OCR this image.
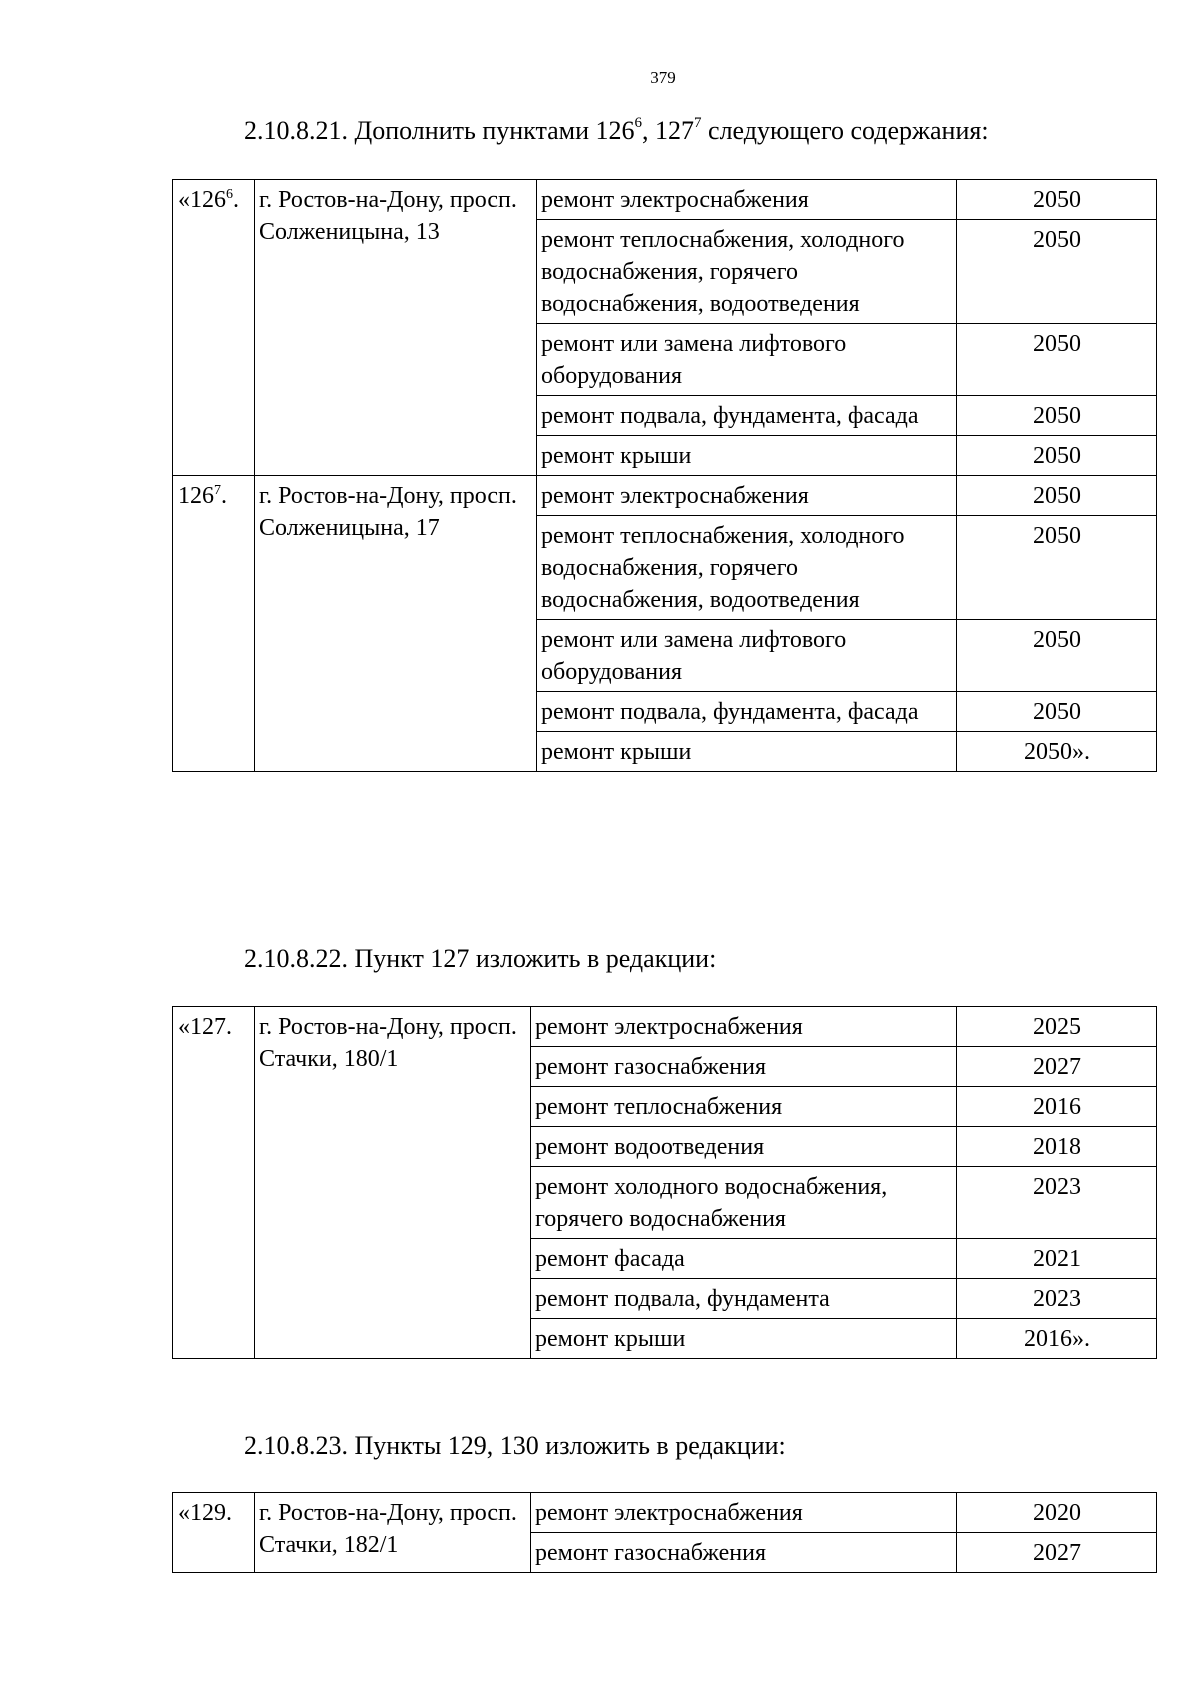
379
2.10.8.21. Дополнить пунктами $126^6$, $127^7$ следующего содержания:
«$126^6$.	г. Ростов-на-Дону, просп. Солженицына, 13	ремонт электроснабжения	2050
		ремонт теплоснабжения, холодного водоснабжения, горячего водоснабжения, водоотведения	2050
		ремонт или замена лифтового оборудования	2050
		ремонт подвала, фундамента, фасада	2050
		ремонт крыши	2050
$126^7$.	г. Ростов-на-Дону, просп. Солженицына, 17	ремонт электроснабжения	2050
		ремонт теплоснабжения, холодного водоснабжения, горячего водоснабжения, водоотведения	2050
		ремонт или замена лифтового оборудования	2050
		ремонт подвала, фундамента, фасада	2050
		ремонт крыши	2050».
2.10.8.22. Пункт 127 изложить в редакции:
«127.	г. Ростов-на-Дону, просп. Стачки, 180/1	ремонт электроснабжения	2025
		ремонт газоснабжения	2027
		ремонт теплоснабжения	2016
		ремонт водоотведения	2018
		ремонт холодного водоснабжения, горячего водоснабжения	2023
		ремонт фасада	2021
		ремонт подвала, фундамента	2023
		ремонт крыши	2016».
2.10.8.23. Пункты 129, 130 изложить в редакции:
«129.	г. Ростов-на-Дону, просп. Стачки, 182/1	ремонт электроснабжения	2020
		ремонт газоснабжения	2027
